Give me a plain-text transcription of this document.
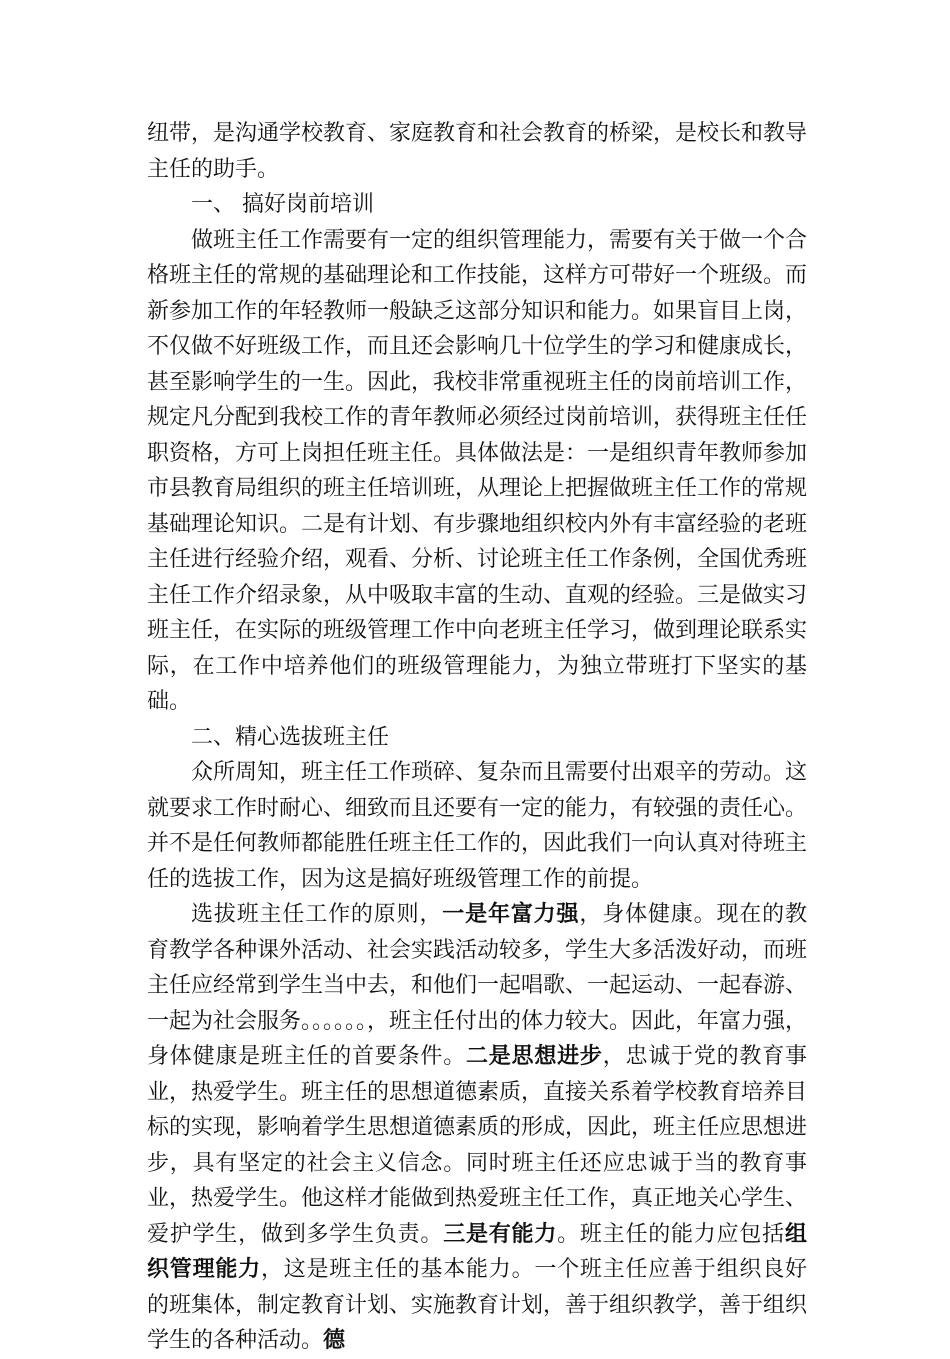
纽带，是沟通学校教育、家庭教育和社会教育的桥梁，是校长和教导主任的助手。

一、 搞好岗前培训

做班主任工作需要有一定的组织管理能力，需要有关于做一个合格班主任的常规的基础理论和工作技能，这样方可带好一个班级。而新参加工作的年轻教师一般缺乏这部分知识和能力。如果盲目上岗，不仅做不好班级工作，而且还会影响几十位学生的学习和健康成长，甚至影响学生的一生。因此，我校非常重视班主任的岗前培训工作，规定凡分配到我校工作的青年教师必须经过岗前培训，获得班主任任职资格，方可上岗担任班主任。具体做法是：一是组织青年教师参加市县教育局组织的班主任培训班，从理论上把握做班主任工作的常规基础理论知识。二是有计划、有步骤地组织校内外有丰富经验的老班主任进行经验介绍，观看、分析、讨论班主任工作条例，全国优秀班主任工作介绍录象，从中吸取丰富的生动、直观的经验。三是做实习班主任，在实际的班级管理工作中向老班主任学习，做到理论联系实际，在工作中培养他们的班级管理能力，为独立带班打下坚实的基础。

二、精心选拔班主任

众所周知，班主任工作琐碎、复杂而且需要付出艰辛的劳动。这就要求工作时耐心、细致而且还要有一定的能力，有较强的责任心。并不是任何教师都能胜任班主任工作的，因此我们一向认真对待班主任的选拔工作，因为这是搞好班级管理工作的前提。

选拔班主任工作的原则，一是年富力强，身体健康。现在的教育教学各种课外活动、社会实践活动较多，学生大多活泼好动，而班主任应经常到学生当中去，和他们一起唱歌、一起运动、一起春游、一起为社会服务。。。。。。，班主任付出的体力较大。因此，年富力强，身体健康是班主任的首要条件。二是思想进步，忠诚于党的教育事业，热爱学生。班主任的思想道德素质，直接关系着学校教育培养目标的实现，影响着学生思想道德素质的形成，因此，班主任应思想进步，具有坚定的社会主义信念。同时班主任还应忠诚于当的教育事业，热爱学生。他这样才能做到热爱班主任工作，真正地关心学生、爱护学生，做到多学生负责。三是有能力。班主任的能力应包括组织管理能力，这是班主任的基本能力。一个班主任应善于组织良好的班集体，制定教育计划、实施教育计划，善于组织教学，善于组织学生的各种活动。德
